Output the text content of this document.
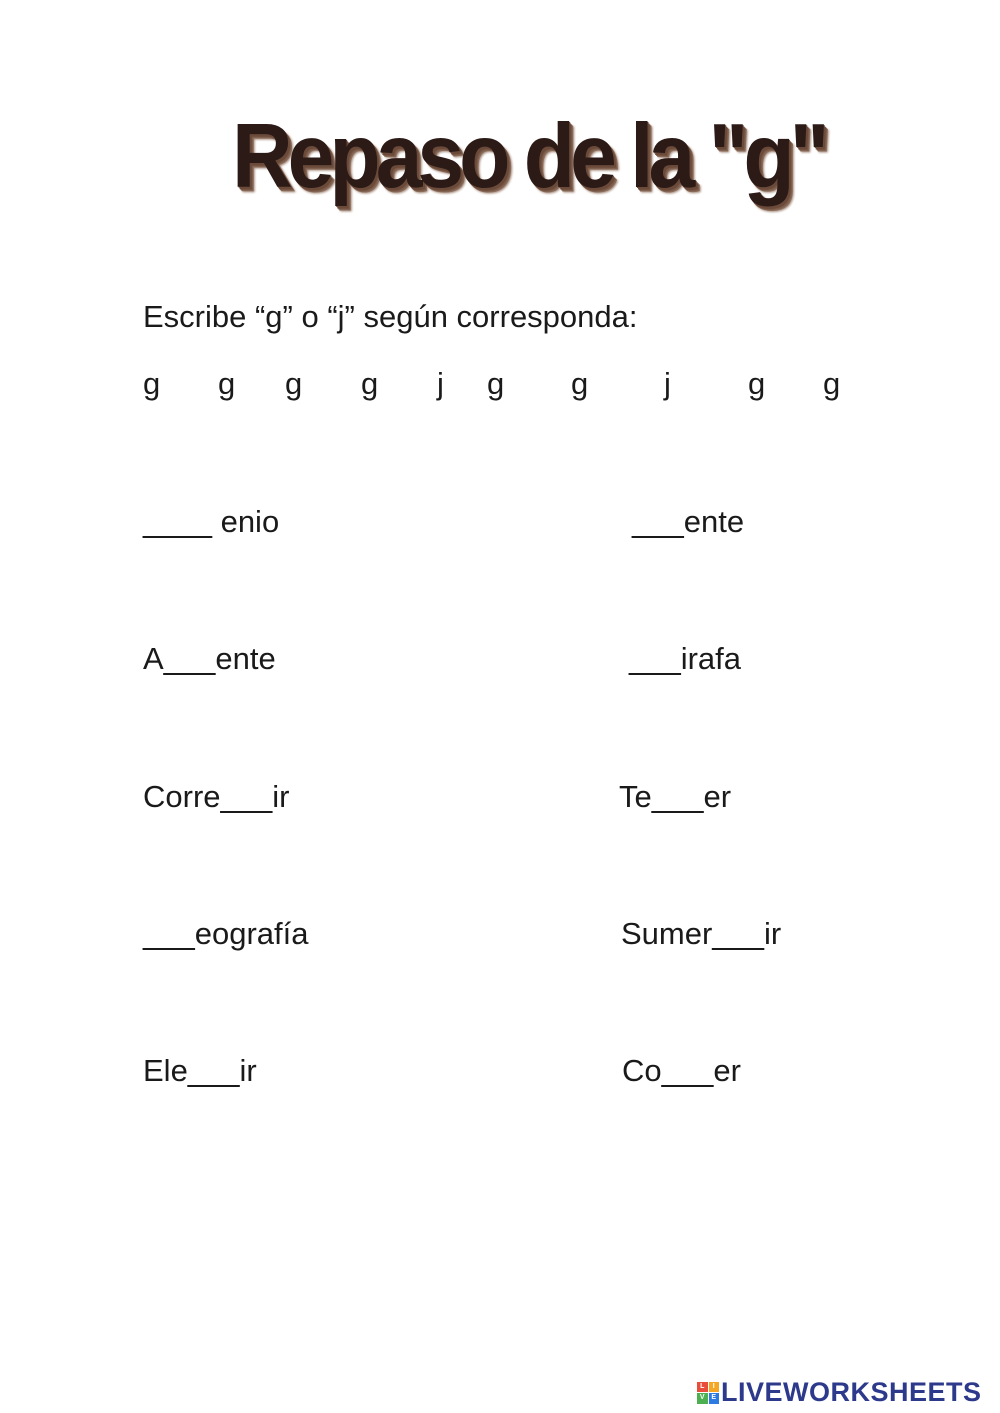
Repaso de la "g"
Escribe “g” o “j” según corresponda:
g g g g j g g j g g
____ enio
A___ente
Corre___ir
___eografía
Ele___ir
___ente
___irafa
Te___er
Sumer___ir
Co___er
L	I
V E LIVEWORKSHEETS
